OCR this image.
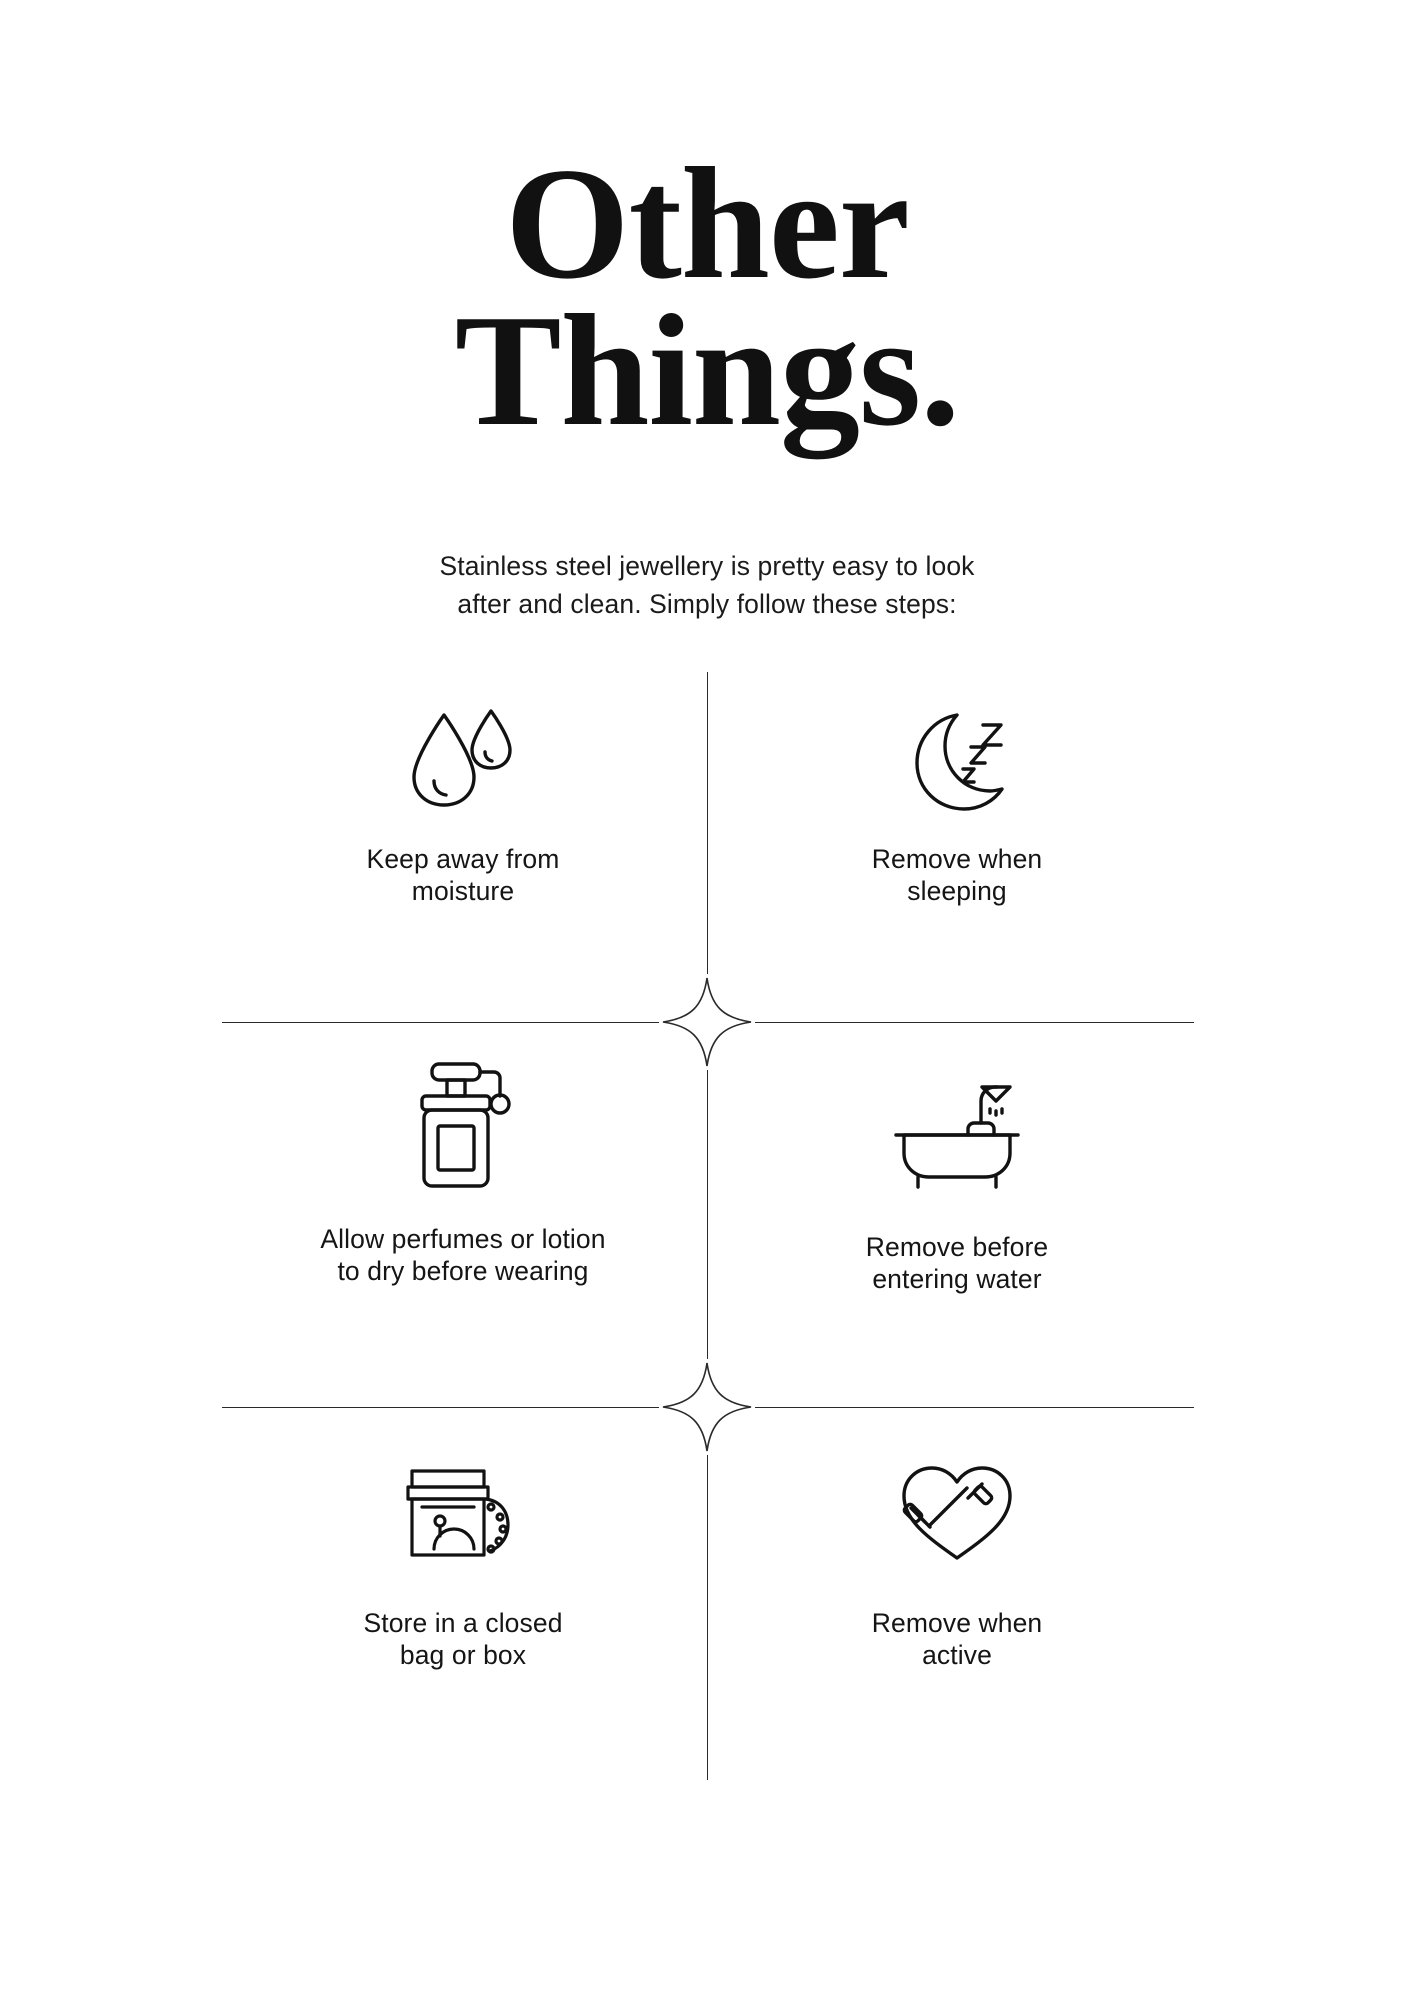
Other
Things.
Stainless steel jewellery is pretty easy to look
after and clean. Simply follow these steps:
Keep away from
moisture
Remove when
sleeping
Allow perfumes or lotion
to dry before wearing
Remove before
entering water
Store in a closed
bag or box
Remove when
active
